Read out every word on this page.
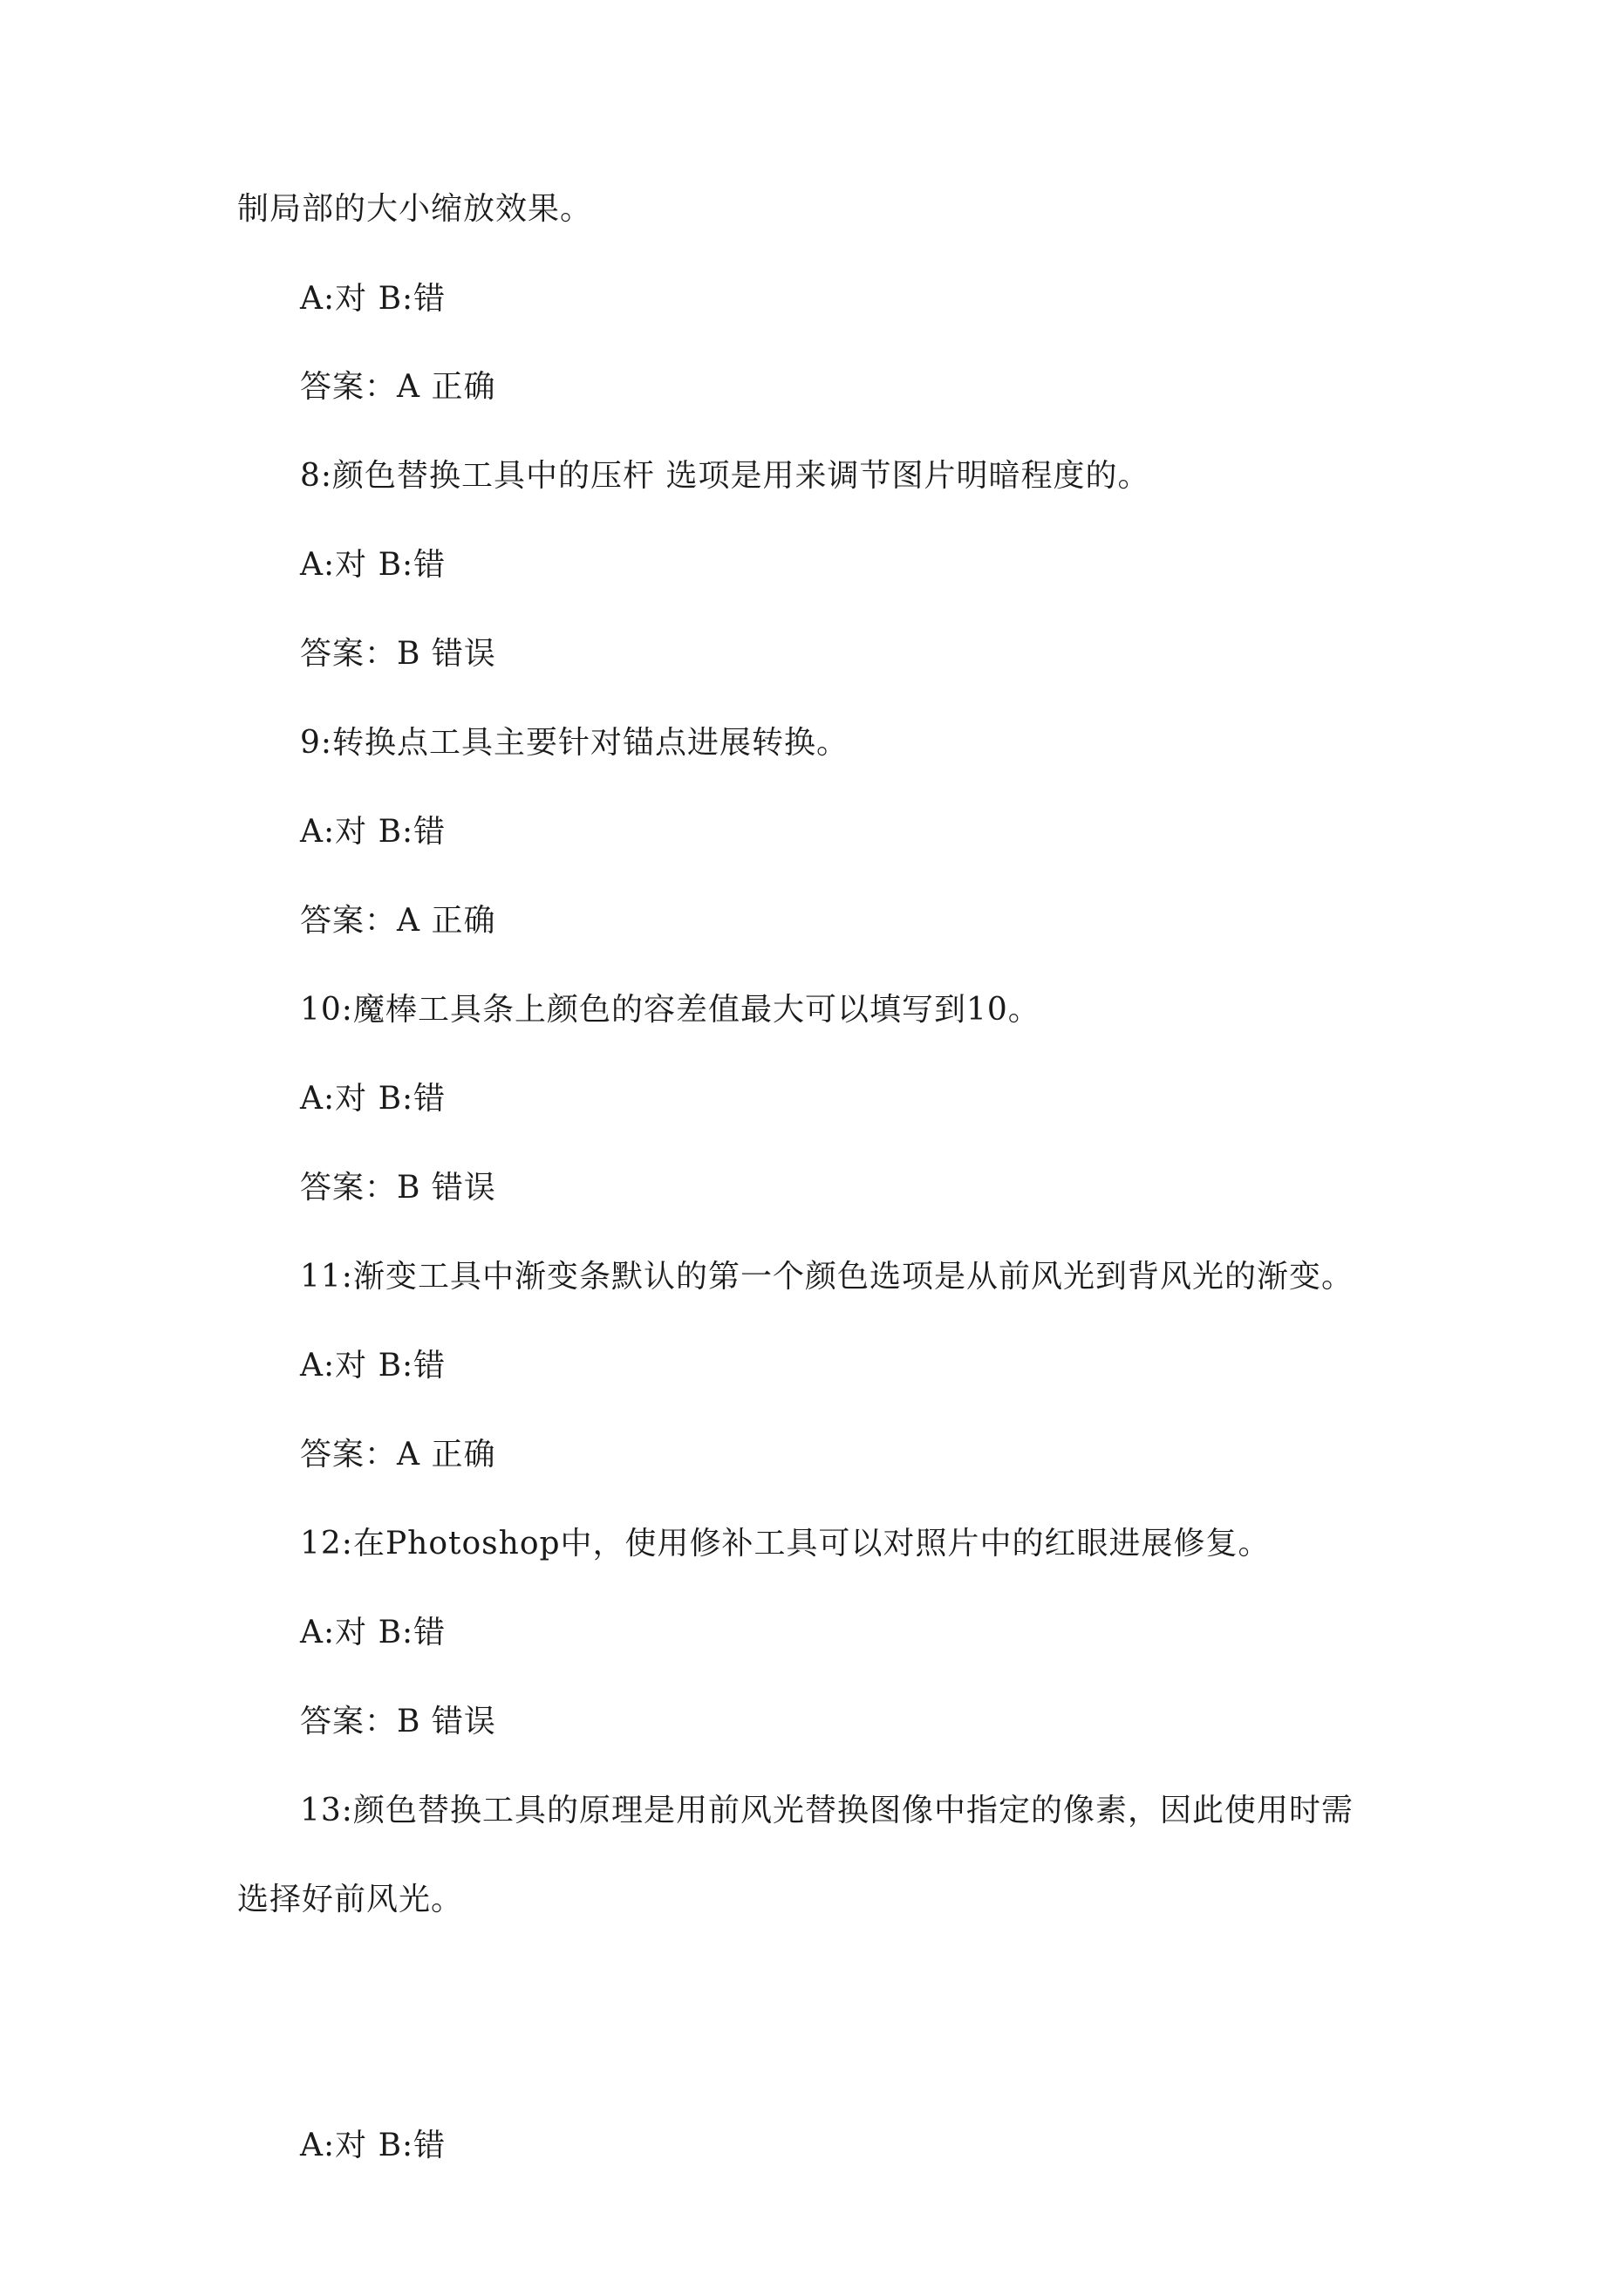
制局部的大小缩放效果。
A:对 B:错
答案：A 正确
8:颜色替换工具中的压杆 选项是用来调节图片明暗程度的。
A:对 B:错
答案：B 错误
9:转换点工具主要针对锚点进展转换。
A:对 B:错
答案：A 正确
10:魔棒工具条上颜色的容差值最大可以填写到10。
A:对 B:错
答案：B 错误
11:渐变工具中渐变条默认的第一个颜色选项是从前风光到背风光的渐变。
A:对 B:错
答案：A 正确
12:在Photoshop中，使用修补工具可以对照片中的红眼进展修复。
A:对 B:错
答案：B 错误
13:颜色替换工具的原理是用前风光替换图像中指定的像素，因此使用时需
选择好前风光。
A:对 B:错
